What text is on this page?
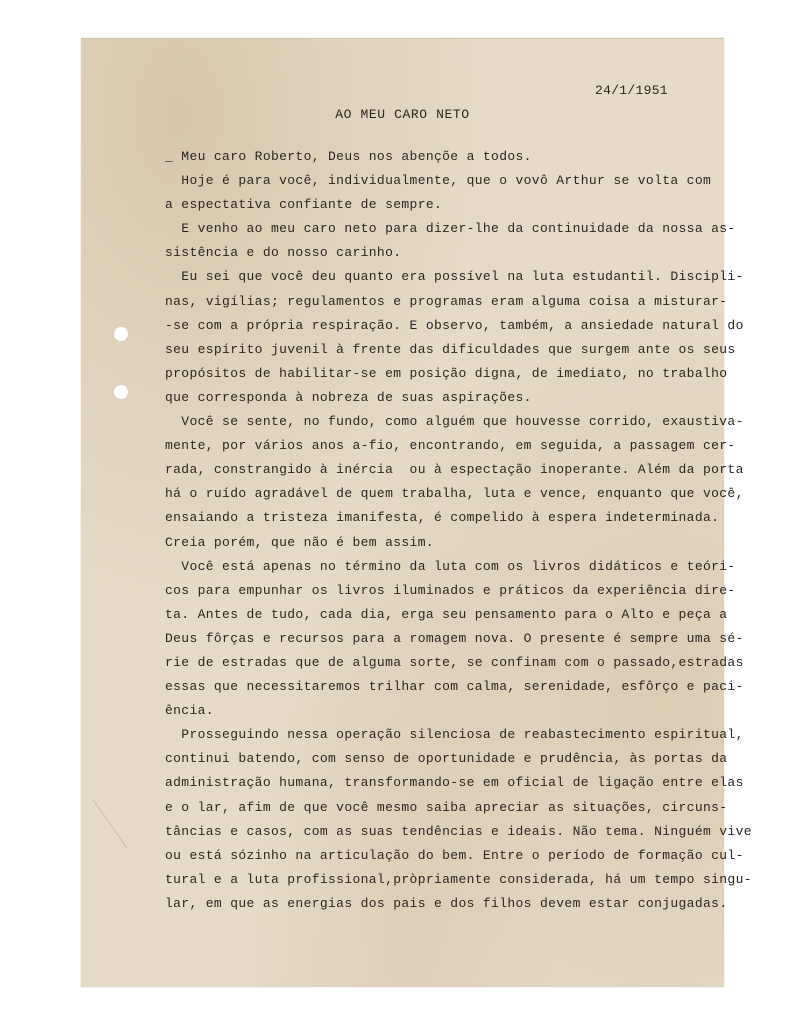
24/1/1951
AO MEU CARO NETO
_ Meu caro Roberto, Deus nos abençõe a todos.
Hoje é para você, individualmente, que o vovô Arthur se volta com
a espectativa confiante de sempre.
E venho ao meu caro neto para dizer-lhe da continuidade da nossa as-
sistência e do nosso carinho.
Eu sei que você deu quanto era possível na luta estudantil. Discipli-
nas, vigílias; regulamentos e programas eram alguma coisa a misturar-
-se com a própria respiração. E observo, também, a ansiedade natural do
seu espírito juvenil à frente das dificuldades que surgem ante os seus
propósitos de habilitar-se em posição digna, de imediato, no trabalho
que corresponda à nobreza de suas aspirações.
Você se sente, no fundo, como alguém que houvesse corrido, exaustiva-
mente, por vários anos a-fio, encontrando, em seguida, a passagem cer-
rada, constrangido à inércia  ou à espectação inoperante. Além da porta
há o ruído agradável de quem trabalha, luta e vence, enquanto que você,
ensaiando a tristeza imanifesta, é compelido à espera indeterminada.
Creia porém, que não é bem assim.
Você está apenas no término da luta com os livros didáticos e teóri-
cos para empunhar os livros iluminados e práticos da experiência dire-
ta. Antes de tudo, cada dia, erga seu pensamento para o Alto e peça a
Deus fôrças e recursos para a romagem nova. O presente é sempre uma sé-
rie de estradas que de alguma sorte, se confinam com o passado,estradas
essas que necessitaremos trilhar com calma, serenidade, esfôrço e paci-
ência.
Prosseguindo nessa operação silenciosa de reabastecimento espiritual,
continui batendo, com senso de oportunidade e prudência, às portas da
administração humana, transformando-se em oficial de ligação entre elas
e o lar, afim de que você mesmo saiba apreciar as situações, circuns-
tâncias e casos, com as suas tendências e ideais. Não tema. Ninguém vive
ou está sózinho na articulação do bem. Entre o período de formação cul-
tural e a luta profissional,pròpriamente considerada, há um tempo singu-
lar, em que as energias dos pais e dos filhos devem estar conjugadas.
